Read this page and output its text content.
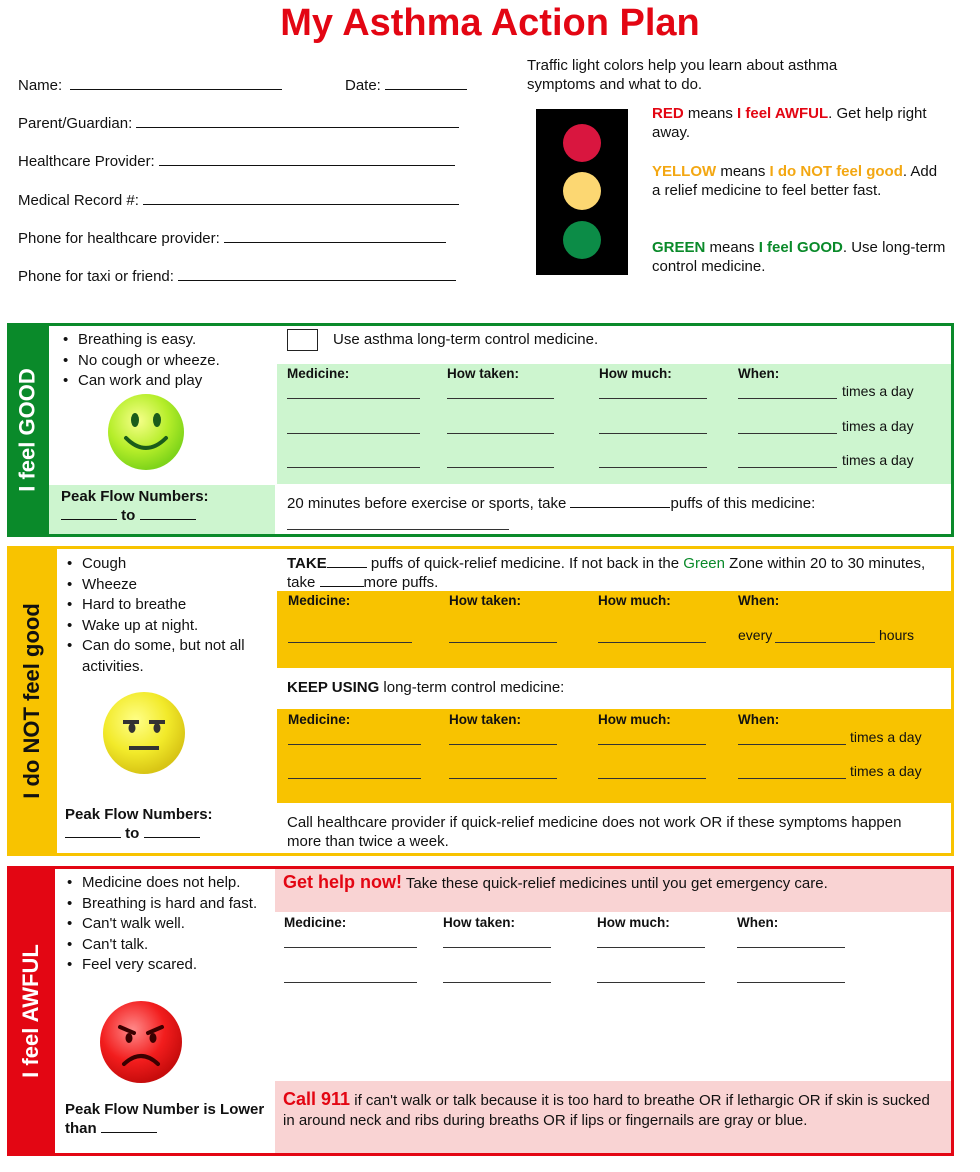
My Asthma Action Plan
Name:	Date:
Parent/Guardian:
Healthcare Provider:
Medical Record #:
Phone for healthcare provider:
Phone for taxi or friend:
Traffic light colors help you learn about asthma symptoms and what to do.
RED means I feel AWFUL. Get help right away.
YELLOW means I do NOT feel good. Add a relief medicine to feel better fast.
GREEN means I feel GOOD. Use long-term control medicine.
I feel GOOD
• Breathing is easy.
• No cough or wheeze.
• Can work and play
Peak Flow Numbers:
to
Use asthma long-term control medicine.
Medicine:	How taken:	How much:	When:
times a day
times a day
times a day
20 minutes before exercise or sports, take	puffs of this medicine:
I do NOT feel good
• Cough
• Wheeze
• Hard to breathe
• Wake up at night.
• Can do some, but not all activities.
Peak Flow Numbers:
to
TAKE	puffs of quick-relief medicine. If not back in the Green Zone within 20 to 30 minutes, take	more puffs.
Medicine:	How taken:	How much:	When:
every	hours
KEEP USING long-term control medicine:
Medicine:	How taken:	How much:	When:
times a day
times a day
Call healthcare provider if quick-relief medicine does not work OR if these symptoms happen more than twice a week.
I feel AWFUL
• Medicine does not help.
• Breathing is hard and fast.
• Can't walk well.
• Can't talk.
• Feel very scared.
Peak Flow Number is Lower than
Get help now! Take these quick-relief medicines until you get emergency care.
Medicine:	How taken:	How much:	When:
Call 911 if can't walk or talk because it is too hard to breathe OR if lethargic OR if skin is sucked in around neck and ribs during breaths OR if lips or fingernails are gray or blue.
